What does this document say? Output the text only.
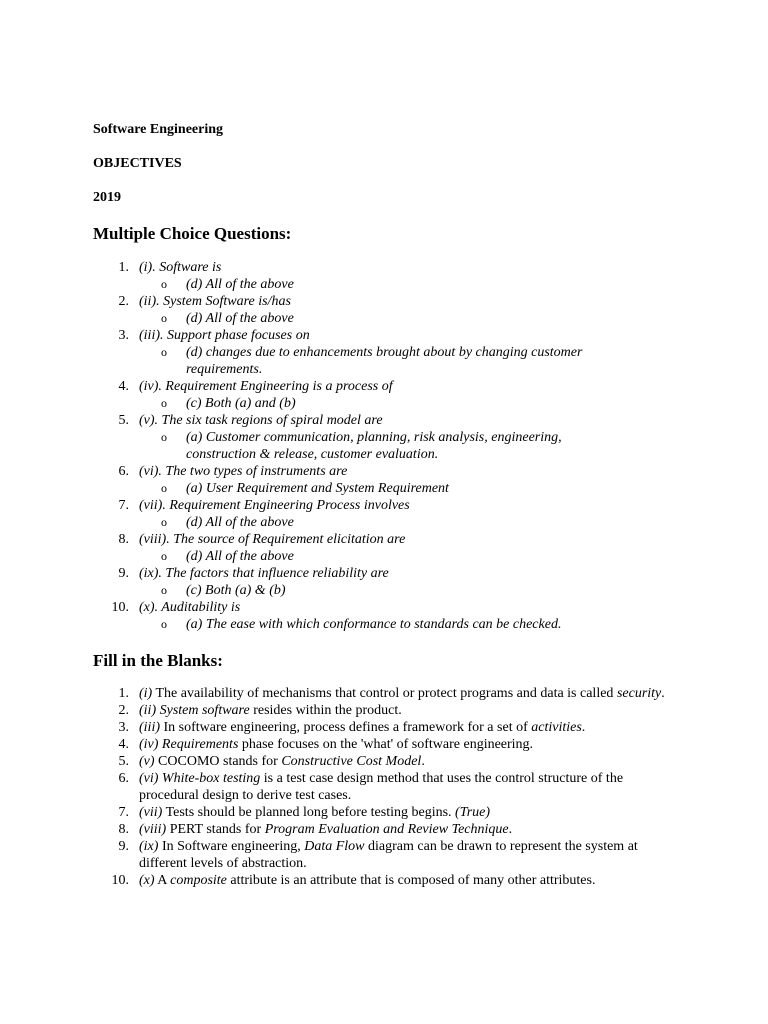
Software Engineering

OBJECTIVES

2019

Multiple Choice Questions:
1. (i). Software is
o (d) All of the above
2. (ii). System Software is/has
o (d) All of the above
3. (iii). Support phase focuses on
o (d) changes due to enhancements brought about by changing customer requirements.
4. (iv). Requirement Engineering is a process of
o (c) Both (a) and (b)
5. (v). The six task regions of spiral model are
o (a) Customer communication, planning, risk analysis, engineering, construction & release, customer evaluation.
6. (vi). The two types of instruments are
o (a) User Requirement and System Requirement
7. (vii). Requirement Engineering Process involves
o (d) All of the above
8. (viii). The source of Requirement elicitation are
o (d) All of the above
9. (ix). The factors that influence reliability are
o (c) Both (a) & (b)
10. (x). Auditability is
o (a) The ease with which conformance to standards can be checked.
Fill in the Blanks:
1. (i) The availability of mechanisms that control or protect programs and data is called security.
2. (ii) System software resides within the product.
3. (iii) In software engineering, process defines a framework for a set of activities.
4. (iv) Requirements phase focuses on the 'what' of software engineering.
5. (v) COCOMO stands for Constructive Cost Model.
6. (vi) White-box testing is a test case design method that uses the control structure of the procedural design to derive test cases.
7. (vii) Tests should be planned long before testing begins. (True)
8. (viii) PERT stands for Program Evaluation and Review Technique.
9. (ix) In Software engineering, Data Flow diagram can be drawn to represent the system at different levels of abstraction.
10. (x) A composite attribute is an attribute that is composed of many other attributes.
